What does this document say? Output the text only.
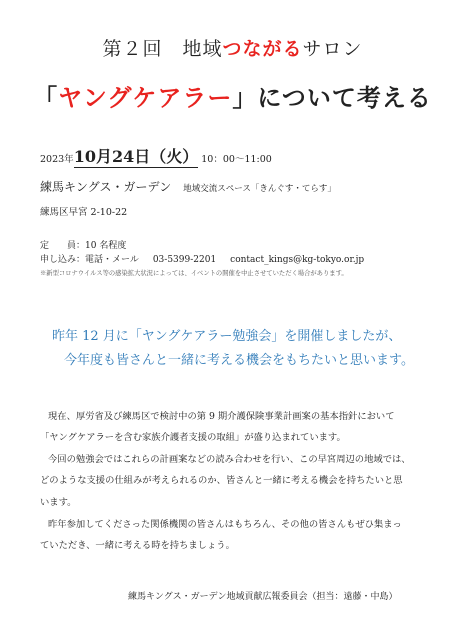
第２回　地域つながるサロン
「ヤングケアラー」について考える
2023年10月24日（火） 10：00～11:00
練馬キングス・ガーデン 地域交流スペース「きんぐす・てらす」
練馬区早宮 2-10-22
定　　員：10 名程度
申し込み：電話・メール 03-5399-2201 contact_kings@kg-tokyo.or.jp
※新型コロナウイルス等の感染拡大状況によっては、イベントの開催を中止させていただく場合があります。
昨年 12 月に「ヤングケアラー勉強会」を開催しましたが、
今年度も皆さんと一緒に考える機会をもちたいと思います。
現在、厚労省及び練馬区で検討中の第 9 期介護保険事業計画案の基本指針において
「ヤングケアラーを含む家族介護者支援の取組」が盛り込まれています。
今回の勉強会ではこれらの計画案などの読み合わせを行い、この早宮周辺の地域では、
どのような支援の仕組みが考えられるのか、皆さんと一緒に考える機会を持ちたいと思
います。
昨年参加してくださった関係機関の皆さんはもちろん、その他の皆さんもぜひ集まっ
ていただき、一緒に考える時を持ちましょう。
練馬キングス・ガーデン地域貢献広報委員会（担当：遠藤・中島）
